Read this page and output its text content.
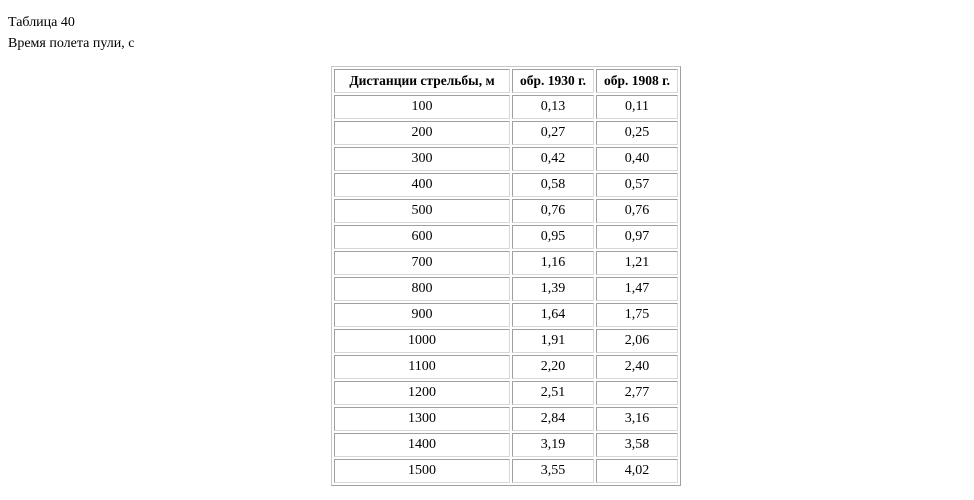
Таблица 40
Время полета пули, с
Дистанции стрельбы, м	обр. 1930 г.	обр. 1908 г.
100	0,13	0,11
200	0,27	0,25
300	0,42	0,40
400	0,58	0,57
500	0,76	0,76
600	0,95	0,97
700	1,16	1,21
800	1,39	1,47
900	1,64	1,75
1000	1,91	2,06
1100	2,20	2,40
1200	2,51	2,77
1300	2,84	3,16
1400	3,19	3,58
1500	3,55	4,02
